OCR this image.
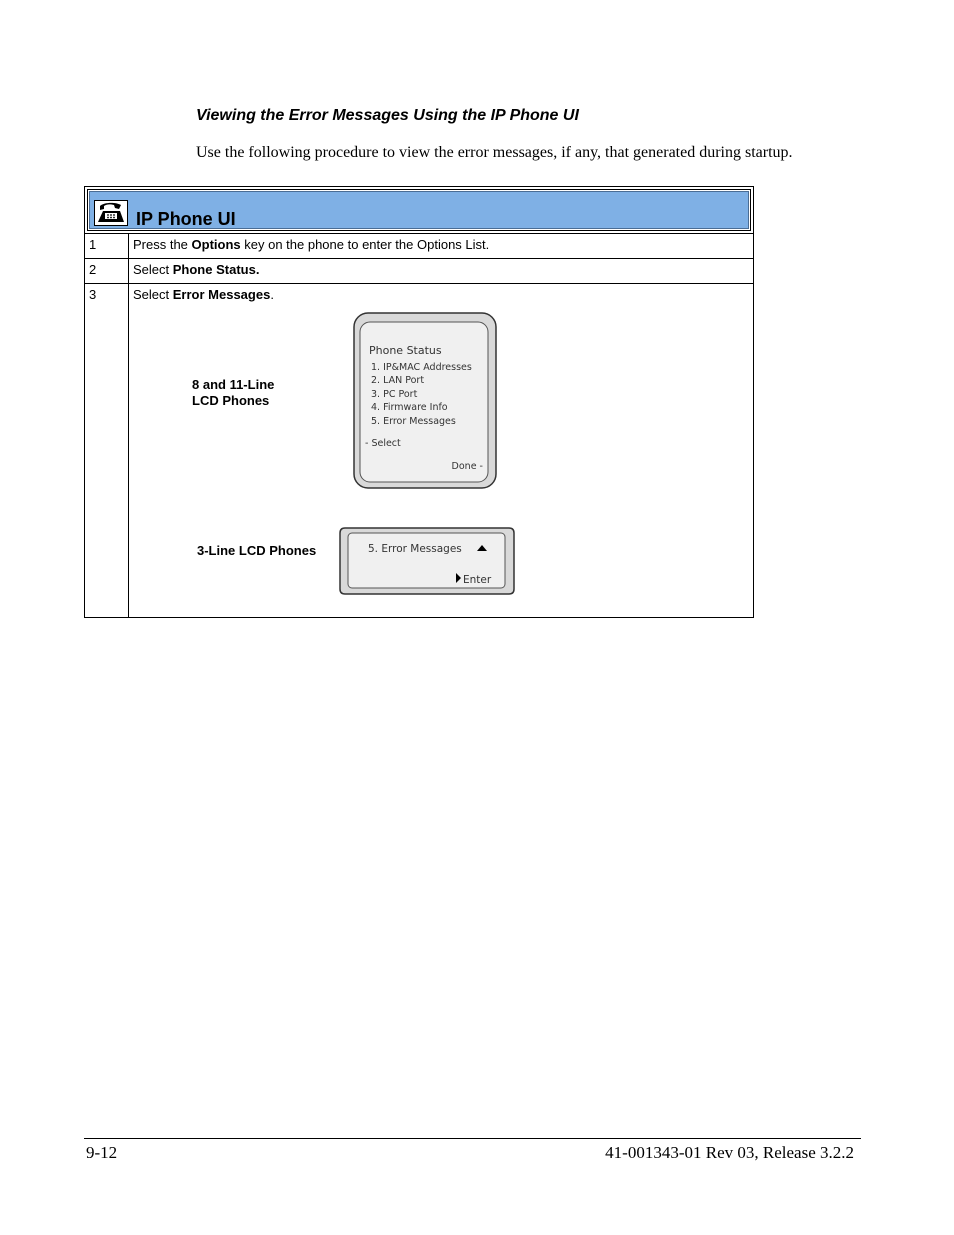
Viewing the Error Messages Using the IP Phone UI
Use the following procedure to view the error messages, if any, that generated during startup.
IP Phone UI
1	Press the Options key on the phone to enter the Options List.
2	Select Phone Status.
3	Select Error Messages.
8 and 11-Line
LCD Phones
3-Line LCD Phones
Phone Status
1. IP&MAC Addresses
2. LAN Port
3. PC Port
4. Firmware Info
5. Error Messages
- Select
Done -
5. Error Messages
Enter
9-12	41-001343-01 Rev 03, Release 3.2.2
